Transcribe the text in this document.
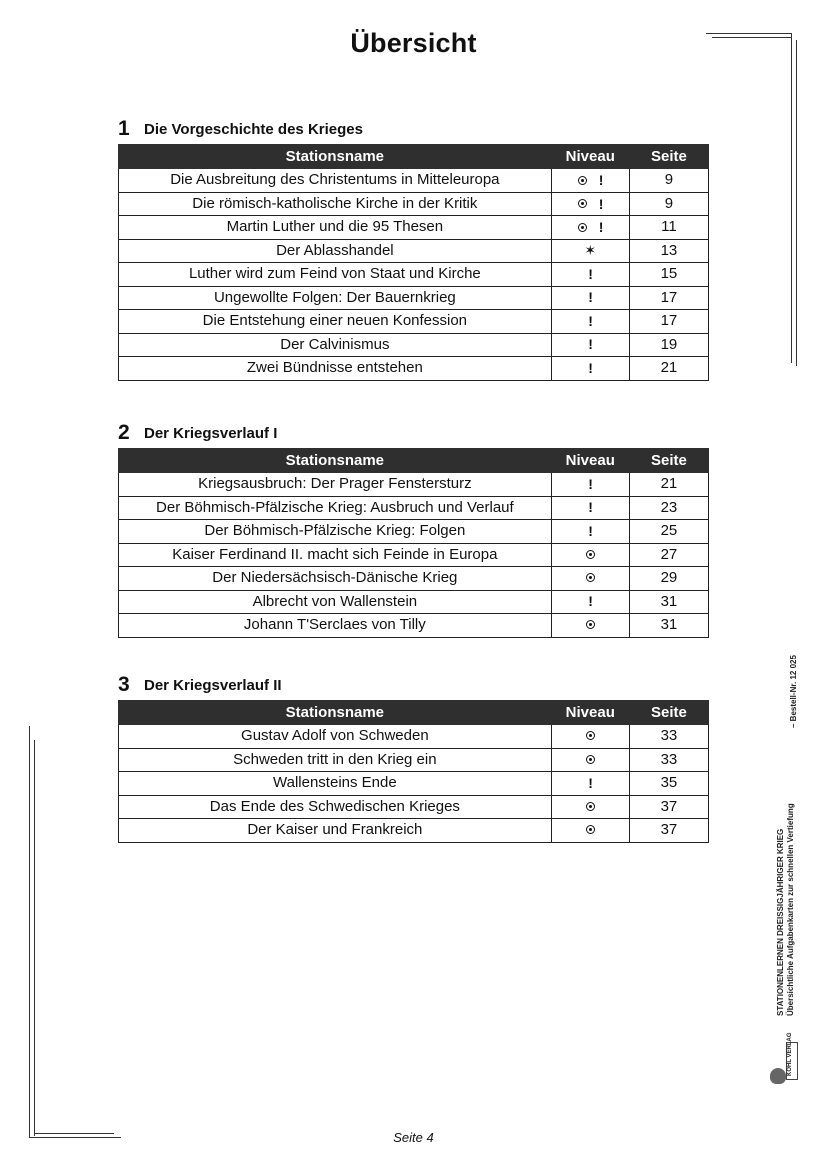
Übersicht
1 Die Vorgeschichte des Krieges
Stationsname	Niveau	Seite
Die Ausbreitung des Christentums in Mitteleuropa	!	9
Die römisch-katholische Kirche in der Kritik	!	9
Martin Luther und die 95 Thesen	!	11
Der Ablasshandel	✶	13
Luther wird zum Feind von Staat und Kirche	!	15
Ungewollte Folgen: Der Bauernkrieg	!	17
Die Entstehung einer neuen Konfession	!	17
Der Calvinismus	!	19
Zwei Bündnisse entstehen	!	21
2 Der Kriegsverlauf I
Stationsname	Niveau	Seite
Kriegsausbruch: Der Prager Fenstersturz	!	21
Der Böhmisch-Pfälzische Krieg: Ausbruch und Verlauf	!	23
Der Böhmisch-Pfälzische Krieg: Folgen	!	25
Kaiser Ferdinand II. macht sich Feinde in Europa		27
Der Niedersächsisch-Dänische Krieg		29
Albrecht von Wallenstein	!	31
Johann T'Serclaes von Tilly		31
3 Der Kriegsverlauf II
Stationsname	Niveau	Seite
Gustav Adolf von Schweden		33
Schweden tritt in den Krieg ein		33
Wallensteins Ende	!	35
Das Ende des Schwedischen Krieges		37
Der Kaiser und Frankreich		37	STATIONENLERNEN DREISSIGJÄHRIGER KRIEG Übersichtliche Aufgabenkarten zur schnellen Vertiefung
– Bestell-Nr. 12 025
KOHL VERLAG
Seite 4
